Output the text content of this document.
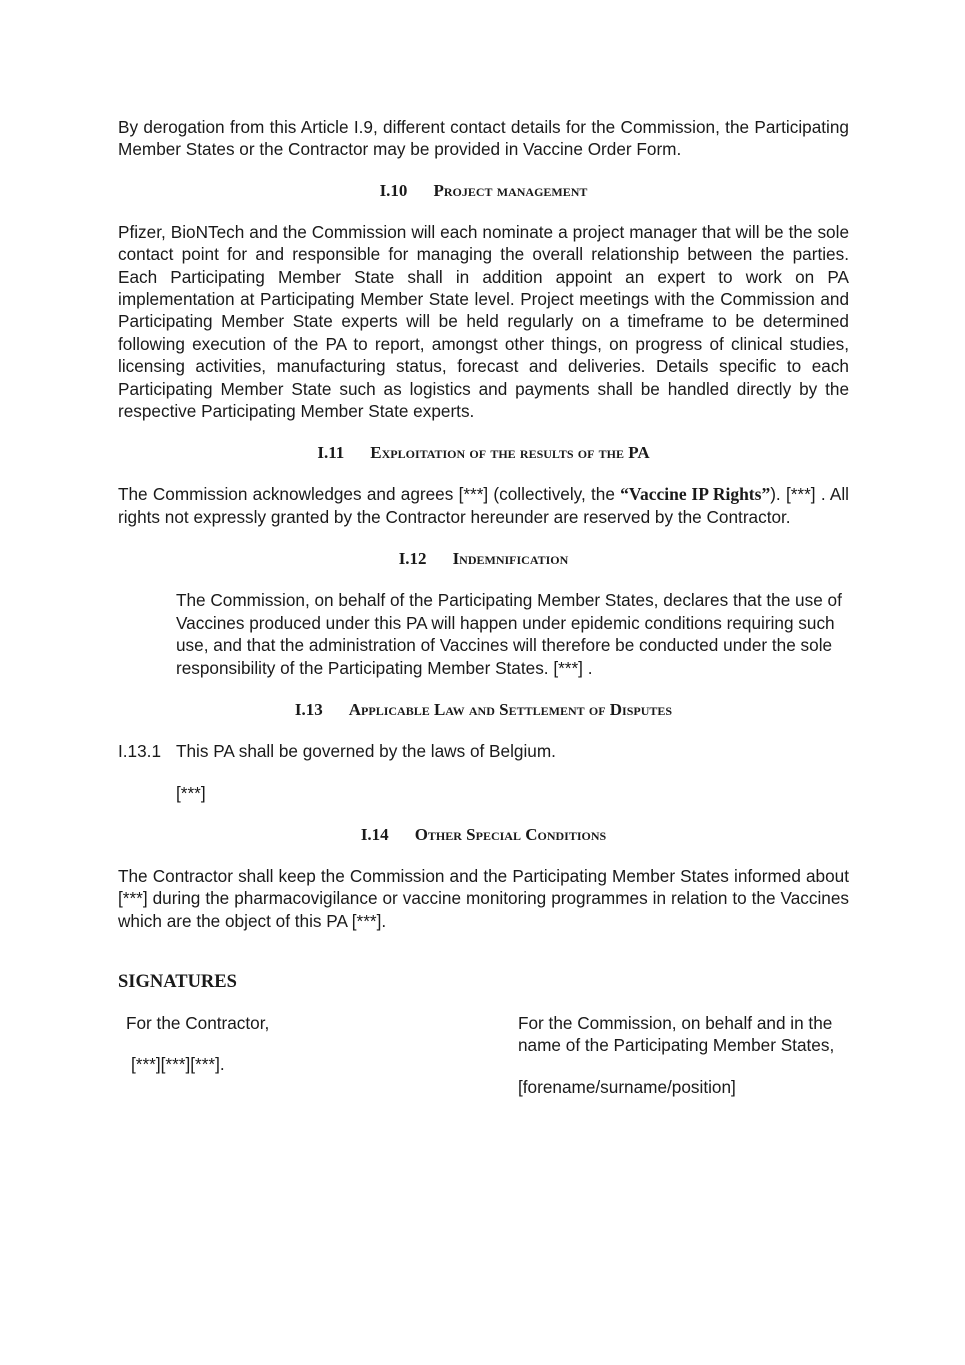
By derogation from this Article I.9, different contact details for the Commission, the Participating Member States or the Contractor may be provided in Vaccine Order Form.

I.10 Project management

Pfizer, BioNTech and the Commission will each nominate a project manager that will be the sole contact point for and responsible for managing the overall relationship between the parties. Each Participating Member State shall in addition appoint an expert to work on PA implementation at Participating Member State level. Project meetings with the Commission and Participating Member State experts will be held regularly on a timeframe to be determined following execution of the PA to report, amongst other things, on progress of clinical studies, licensing activities, manufacturing status, forecast and deliveries. Details specific to each Participating Member State such as logistics and payments shall be handled directly by the respective Participating Member State experts.

I.11 Exploitation of the results of the PA

The Commission acknowledges and agrees [***] (collectively, the “Vaccine IP Rights”). [***] . All rights not expressly granted by the Contractor hereunder are reserved by the Contractor.

I.12 Indemnification

The Commission, on behalf of the Participating Member States, declares that the use of Vaccines produced under this PA will happen under epidemic conditions requiring such use, and that the administration of Vaccines will therefore be conducted under the sole responsibility of the Participating Member States. [***] .

I.13 Applicable Law and Settlement of Disputes
I.13.1 This PA shall be governed by the laws of Belgium.

[***]

I.14 Other Special Conditions

The Contractor shall keep the Commission and the Participating Member States informed about [***] during the pharmacovigilance or vaccine monitoring programmes in relation to the Vaccines which are the object of this PA [***].

SIGNATURES

For the Contractor,

[***][***][***].

For the Commission, on behalf and in the name of the Participating Member States,

[forename/surname/position]
